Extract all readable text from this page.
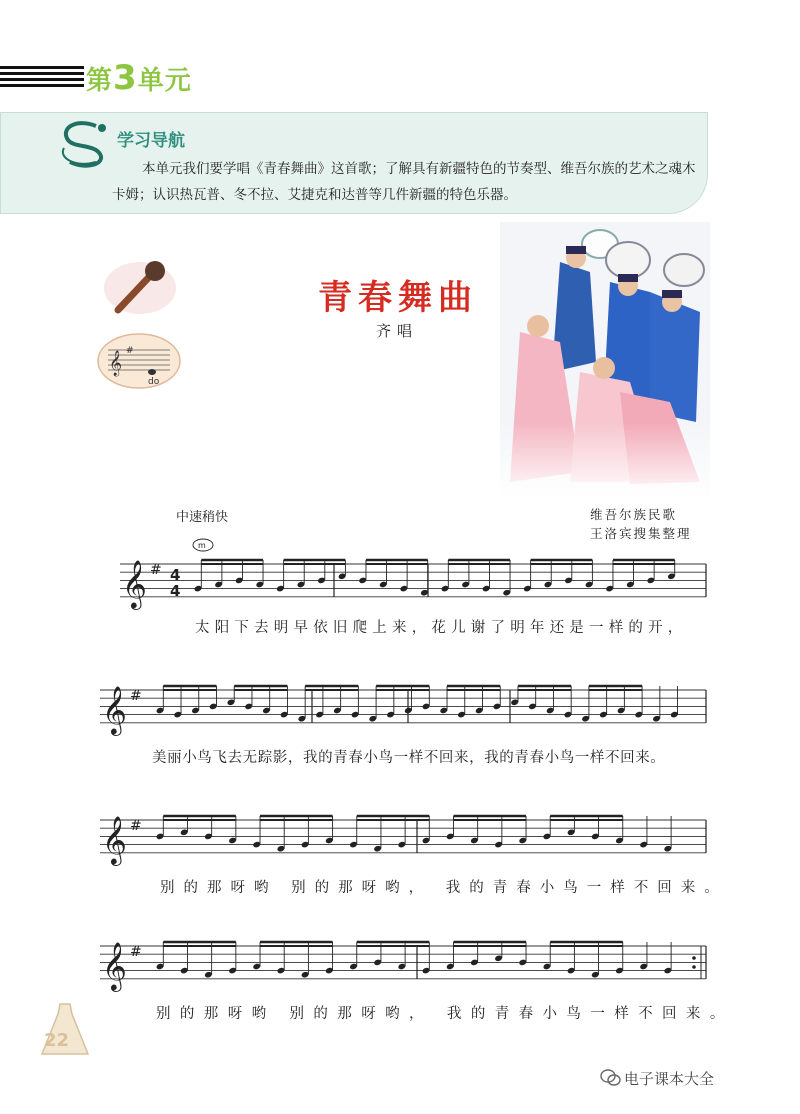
第3单元
学习导航
本单元我们要学唱《青春舞曲》这首歌；了解具有新疆特色的节奏型、维吾尔族的艺术之魂木卡姆；认识热瓦普、冬不拉、艾捷克和达普等几件新疆的特色乐器。
𝄞 #
do
青春舞曲
齐唱
中速稍快	维吾尔族民歌
王洛宾搜集整理
𝄞 # 4
4
𝄞 #
𝄞 #
𝄞 #
m
太阳下去明早依旧爬上来，花儿谢了明年还是一样的开，
美丽小鸟飞去无踪影，我的青春小鸟一样不回来，我的青春小鸟一样不回来。
别的那呀哟 别的那呀哟， 我的青春小鸟一样不回来。
别的那呀哟 别的那呀哟， 我的青春小鸟一样不回来。
22
电子课本大全
